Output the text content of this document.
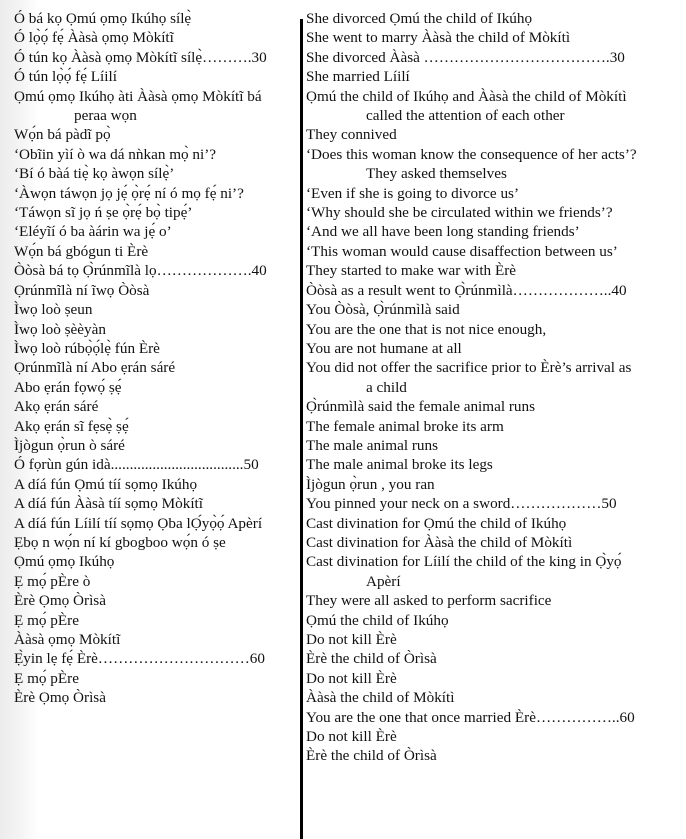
Ó bá kọ Ọmú ọmọ Ikúhọ sílẹ̀
Ó lọ̀ọ́ fẹ́ Ààsà ọmọ Mòkítĩ
Ó tún kọ Ààsà ọmọ Mòkítĩ sílẹ̀……….30
Ó tún lọ̀ọ́ fẹ́ Líilí
Ọmú ọmọ Ikúhọ àti Ààsà ọmọ Mòkítĩ bá
peraa wọn
Wọ́n bá pàdĩ pọ̀
‘Obĩin yìí ò wa dá nǹkan mọ̀ ni’?
‘Bí ó bàá tiẹ̀ kọ àwọn sílẹ̀’
‘Àwọn táwọn jọ jẹ́ ọ̀rẹ́ ní ó mọ fẹ́ ni’?
‘Táwọn sĩ jọ ń ṣe ọ̀rẹ́ bọ̀ tipẹ́’
‘Eléyĩí ó ba àárin wa jẹ́ o’
Wọ́n bá gbógun ti Èrè
Òòsà bá tọ Ọ̀rúnmĩlà lọ……………….40
Ọrúnmĩlà ní ĩwọ Òòsà
Ìwọ loò ṣeun
Ìwọ loò ṣèèyàn
Ìwọ loò rúbọ̀ọ́lẹ̀ fún Èrè
Ọrúnmĩlà ní Abo ẹrán sáré
Abo ẹrán fọwọ́ ṣẹ́
Akọ ẹrán sáré
Akọ ẹrán sĩ fẹsẹ̀ ṣẹ́
Ìjògun ọ̀run ò sáré
Ó fọrùn gún idà...................................50
A díá fún Ọmú tíí sọmọ Ikúhọ
A díá fún Ààsà tíí sọmọ Mòkítĩ
A díá fún Líilí tíí sọmọ Ọba lỌ́yọ̀ọ́ Apèrí
Ẹbọ n wọ́n ní kí gbogboo wọ́n ó ṣe
Ọmú ọmọ Ikúhọ
Ẹ mọ́ pÈre ò
Èrè Ọmọ Òrìsà
Ẹ mọ́ pÈre
Ààsà ọmọ Mòkítĩ
Ẹ̀yin lẹ fẹ́ Èrè…………………………60
Ẹ mọ́ pÈre
Èrè Ọmọ Òrìsà
She divorced Ọmú the child of Ikúhọ
She went to marry Ààsà the child of Mòkítì
She divorced Ààsà ……………………………….30
She married Líilí
Ọmú the child of Ikúhọ and Ààsà the child of Mòkítì
called the attention of each other
They connived
‘Does this woman know the consequence of her acts’?
They asked themselves
‘Even if she is going to divorce us’
‘Why should she be circulated within we friends’?
‘And we all have been long standing friends’
‘This woman would cause disaffection between us’
They started to make war with Èrè
Òòsà as a result went to Ọ̀rúnmìlà………………..40
You Òòsà, Ọ̀rúnmìlà said
You are the one that is not nice enough,
You are not humane at all
You did not offer the sacrifice prior to Èrè’s arrival as
a child
Ọ̀rúnmìlà said the female animal runs
The female animal broke its arm
The male animal runs
The male animal broke its legs
Ìjògun ọ̀run , you ran
You pinned your neck on a sword………………50
Cast divination for Ọmú the child of Ikúhọ
Cast divination for Ààsà the child of Mòkítì
Cast divination for Líilí the child of the king in Ọ̀yọ́
Apèrí
They were all asked to perform sacrifice
Ọmú the child of Ikúhọ
Do not kill Èrè
Èrè the child of Òrìsà
Do not kill Èrè
Ààsà the child of Mòkítì
You are the one that once married Èrè……………..60
Do not kill Èrè
Èrè the child of Òrìsà
